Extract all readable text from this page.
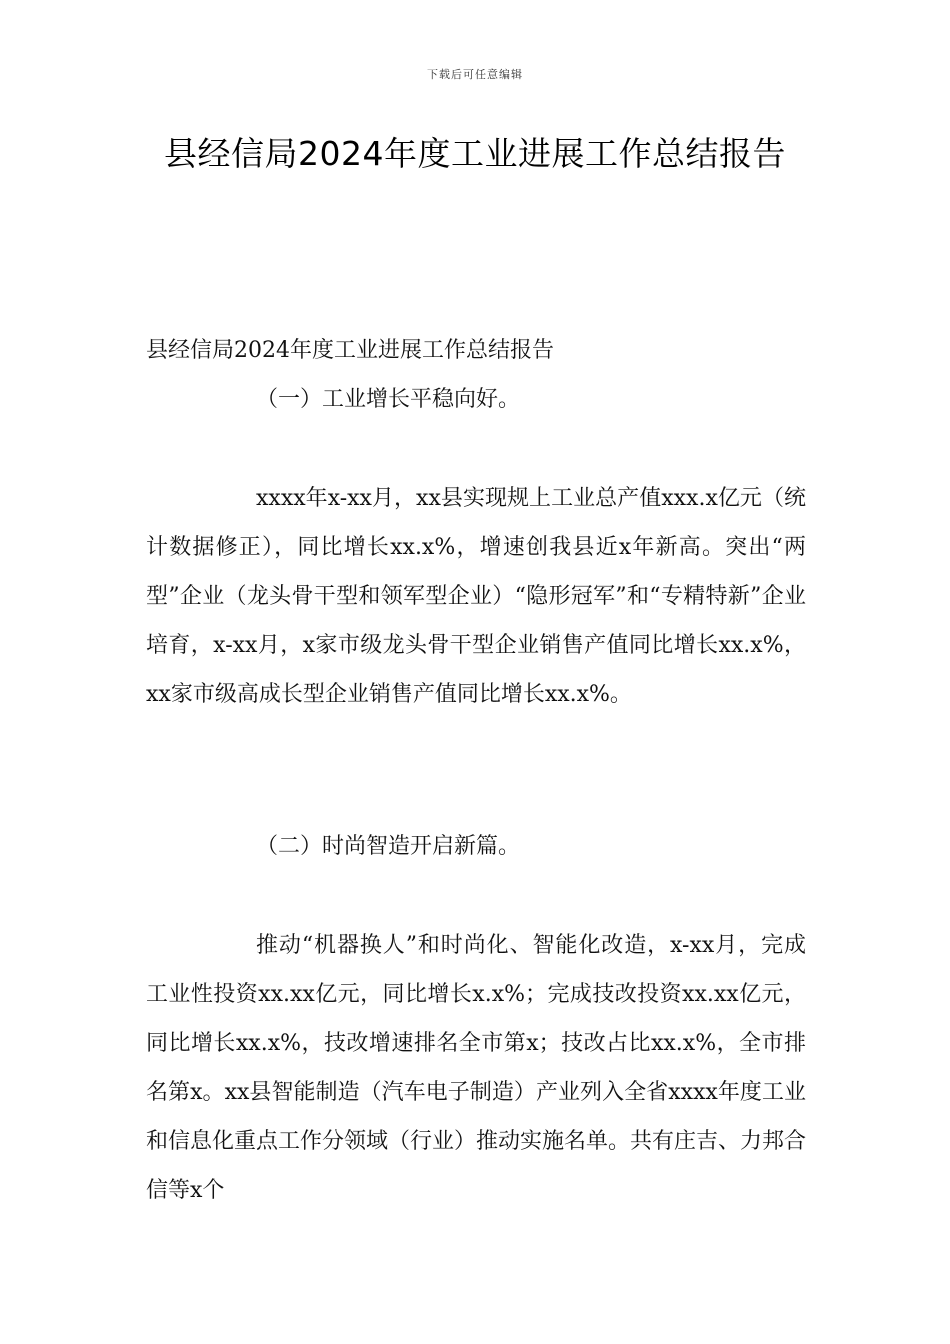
下载后可任意编辑
县经信局2024年度工业进展工作总结报告

县经信局2024年度工业进展工作总结报告

（一）工业增长平稳向好。

xxxx年x-xx月，xx县实现规上工业总产值xxx.x亿元（统计数据修正），同比增长xx.x%，增速创我县近x年新高。突出“两型”企业（龙头骨干型和领军型企业）“隐形冠军”和“专精特新”企业培育，x-xx月，x家市级龙头骨干型企业销售产值同比增长xx.x%，xx家市级高成长型企业销售产值同比增长xx.x%。

（二）时尚智造开启新篇。

推动“机器换人”和时尚化、智能化改造，x-xx月，完成工业性投资xx.xx亿元，同比增长x.x%；完成技改投资xx.xx亿元，同比增长xx.x%，技改增速排名全市第x；技改占比xx.x%，全市排名第x。xx县智能制造（汽车电子制造）产业列入全省xxxx年度工业和信息化重点工作分领域（行业）推动实施名单。共有庄吉、力邦合信等x个
